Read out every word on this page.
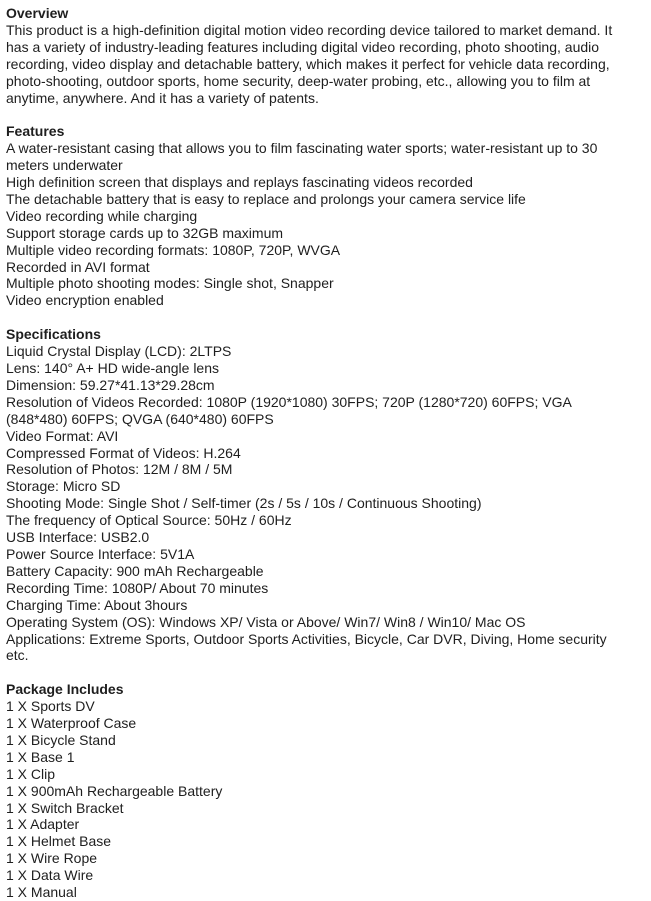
Overview
This product is a high-definition digital motion video recording device tailored to market demand. It
has a variety of industry-leading features including digital video recording, photo shooting, audio
recording, video display and detachable battery, which makes it perfect for vehicle data recording,
photo-shooting, outdoor sports, home security, deep-water probing, etc., allowing you to film at
anytime, anywhere. And it has a variety of patents.
Features
A water-resistant casing that allows you to film fascinating water sports; water-resistant up to 30
meters underwater
High definition screen that displays and replays fascinating videos recorded
The detachable battery that is easy to replace and prolongs your camera service life
Video recording while charging
Support storage cards up to 32GB maximum
Multiple video recording formats: 1080P, 720P, WVGA
Recorded in AVI format
Multiple photo shooting modes: Single shot, Snapper
Video encryption enabled
Specifications
Liquid Crystal Display (LCD): 2LTPS
Lens: 140° A+ HD wide-angle lens
Dimension: 59.27*41.13*29.28cm
Resolution of Videos Recorded: 1080P (1920*1080) 30FPS; 720P (1280*720) 60FPS; VGA
(848*480) 60FPS; QVGA (640*480) 60FPS
Video Format: AVI
Compressed Format of Videos: H.264
Resolution of Photos: 12M / 8M / 5M
Storage: Micro SD
Shooting Mode: Single Shot / Self-timer (2s / 5s / 10s / Continuous Shooting)
The frequency of Optical Source: 50Hz / 60Hz
USB Interface: USB2.0
Power Source Interface: 5V1A
Battery Capacity: 900 mAh Rechargeable
Recording Time: 1080P/ About 70 minutes
Charging Time: About 3hours
Operating System (OS): Windows XP/ Vista or Above/ Win7/ Win8 / Win10/ Mac OS
Applications: Extreme Sports, Outdoor Sports Activities, Bicycle, Car DVR, Diving, Home security
etc.
Package Includes
1 X Sports DV
1 X Waterproof Case
1 X Bicycle Stand
1 X Base 1
1 X Clip
1 X 900mAh Rechargeable Battery
1 X Switch Bracket
1 X Adapter
1 X Helmet Base
1 X Wire Rope
1 X Data Wire
1 X Manual
